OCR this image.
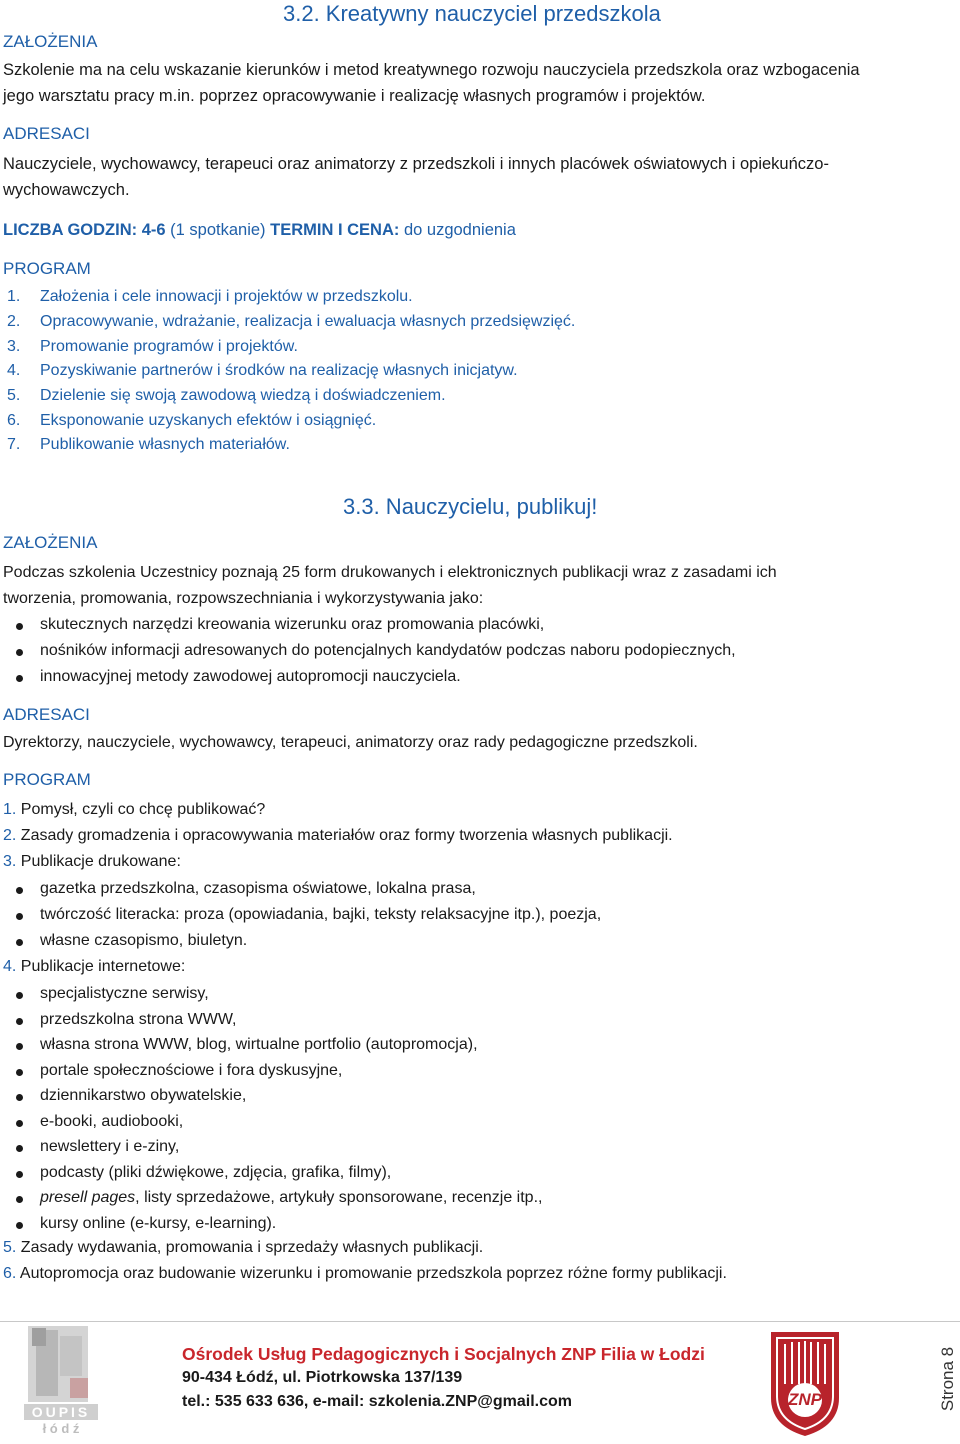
3.2. Kreatywny nauczyciel przedszkola
ZAŁOŻENIA
Szkolenie ma na celu wskazanie kierunków i metod kreatywnego rozwoju nauczyciela przedszkola oraz wzbogacenia
jego warsztatu pracy m.in. poprzez opracowywanie i realizację własnych programów i projektów.
ADRESACI
Nauczyciele, wychowawcy, terapeuci oraz animatorzy z przedszkoli i innych placówek oświatowych i opiekuńczo-
wychowawczych.
LICZBA GODZIN: 4-6 (1 spotkanie) TERMIN I CENA: do uzgodnienia
PROGRAM
1.	Założenia i cele innowacji i projektów w przedszkolu.
2.	Opracowywanie, wdrażanie, realizacja i ewaluacja własnych przedsięwzięć.
3.	Promowanie programów i projektów.
4.	Pozyskiwanie partnerów i środków na realizację własnych inicjatyw.
5.	Dzielenie się swoją zawodową wiedzą i doświadczeniem.
6.	Eksponowanie uzyskanych efektów i osiągnięć.
7.	Publikowanie własnych materiałów.
3.3. Nauczycielu, publikuj!
ZAŁOŻENIA
Podczas szkolenia Uczestnicy poznają 25 form drukowanych i elektronicznych publikacji wraz z zasadami ich
tworzenia, promowania, rozpowszechniania i wykorzystywania jako:
skutecznych narzędzi kreowania wizerunku oraz promowania placówki,
nośników informacji adresowanych do potencjalnych kandydatów podczas naboru podopiecznych,
innowacyjnej metody zawodowej autopromocji nauczyciela.
ADRESACI
Dyrektorzy, nauczyciele, wychowawcy, terapeuci, animatorzy oraz rady pedagogiczne przedszkoli.
PROGRAM
1. Pomysł, czyli co chcę publikować?
2. Zasady gromadzenia i opracowywania materiałów oraz formy tworzenia własnych publikacji.
3. Publikacje drukowane:
gazetka przedszkolna, czasopisma oświatowe, lokalna prasa,
twórczość literacka: proza (opowiadania, bajki, teksty relaksacyjne itp.), poezja,
własne czasopismo, biuletyn.
4. Publikacje internetowe:
specjalistyczne serwisy,
przedszkolna strona WWW,
własna strona WWW, blog, wirtualne portfolio (autopromocja),
portale społecznościowe i fora dyskusyjne,
dziennikarstwo obywatelskie,
e-booki, audiobooki,
newslettery i e-ziny,
podcasty (pliki dźwiękowe, zdjęcia, grafika, filmy),
presell pages, listy sprzedażowe, artykuły sponsorowane, recenzje itp.,
kursy online (e-kursy, e-learning).
5. Zasady wydawania, promowania i sprzedaży własnych publikacji.
6. Autopromocja oraz budowanie wizerunku i promowanie przedszkola poprzez różne formy publikacji.
OUPIS
ł ó d ź
Ośrodek Usług Pedagogicznych i Socjalnych ZNP Filia w Łodzi
90-434 Łódź, ul. Piotrkowska 137/139
tel.: 535 633 636, e-mail: szkolenia.ZNP@gmail.com	ZNP	Strona 8
